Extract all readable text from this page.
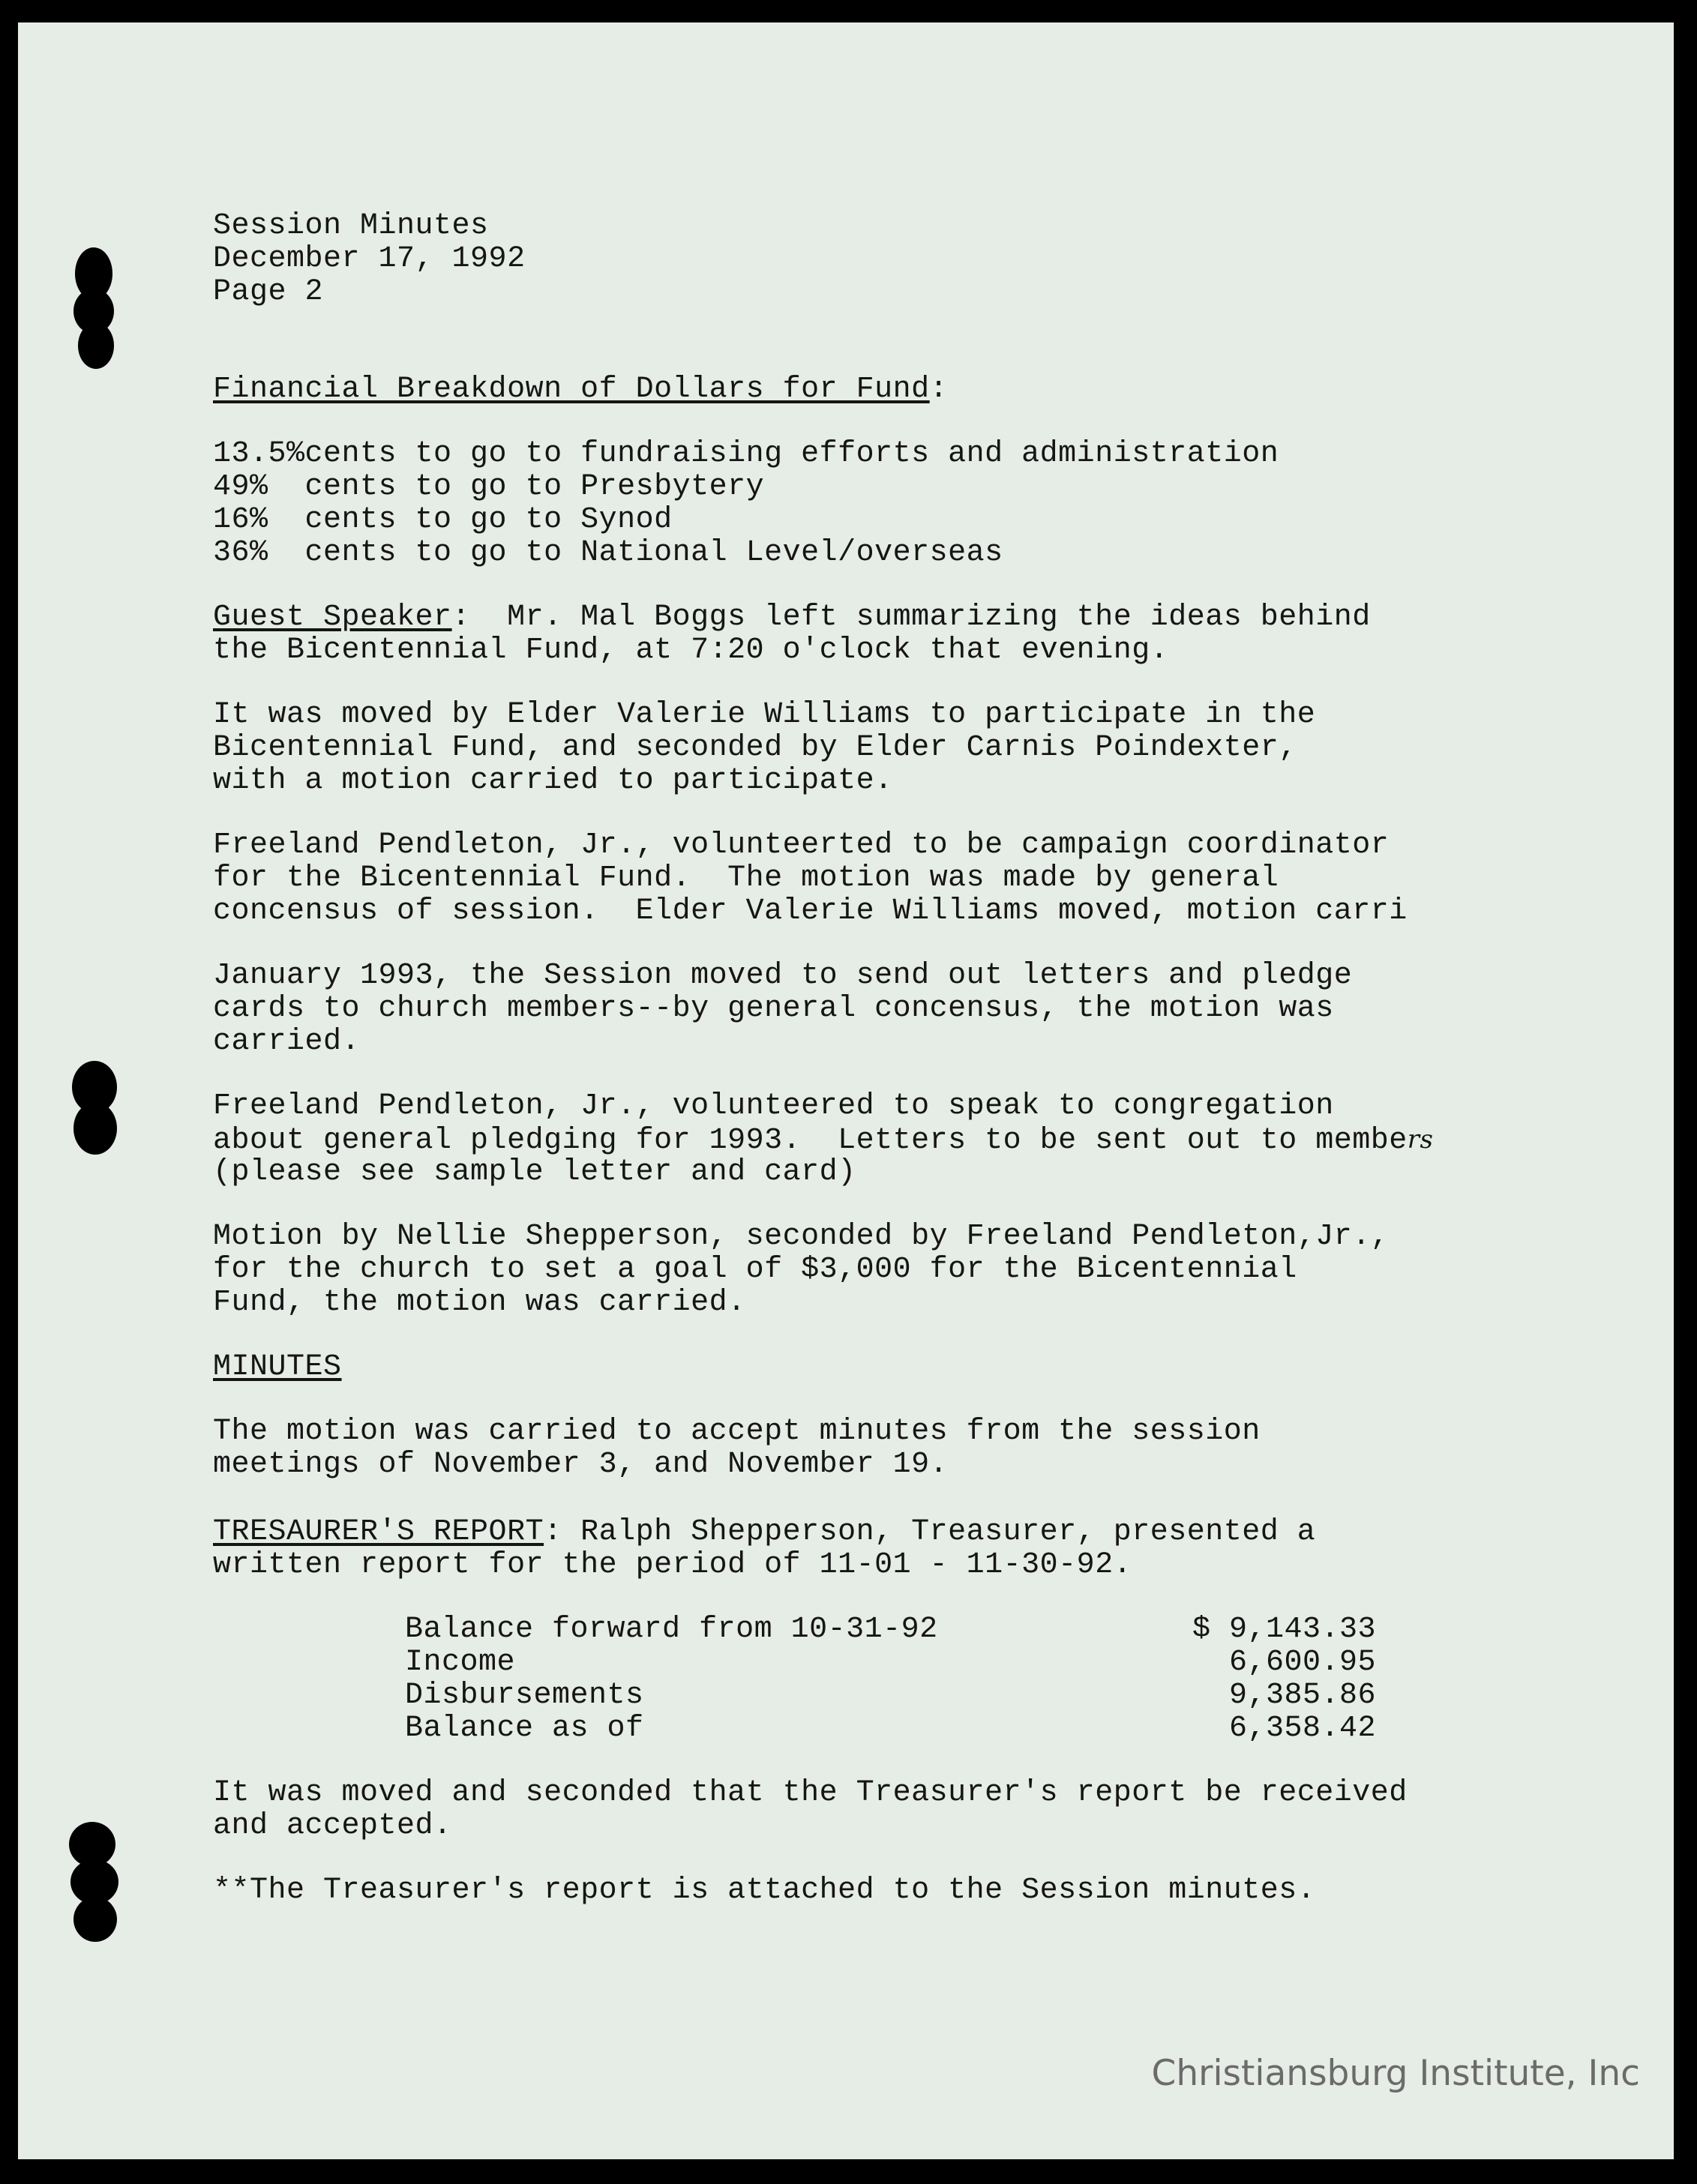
Session Minutes
December 17, 1992
Page 2
Financial Breakdown of Dollars for Fund:
13.5%cents to go to fundraising efforts and administration
49%  cents to go to Presbytery
16%  cents to go to Synod
36%  cents to go to National Level/overseas
Guest Speaker:  Mr. Mal Boggs left summarizing the ideas behind
the Bicentennial Fund, at 7:20 o'clock that evening.
It was moved by Elder Valerie Williams to participate in the
Bicentennial Fund, and seconded by Elder Carnis Poindexter,
with a motion carried to participate.
Freeland Pendleton, Jr., volunteerted to be campaign coordinator
for the Bicentennial Fund.  The motion was made by general
concensus of session.  Elder Valerie Williams moved, motion carri
January 1993, the Session moved to send out letters and pledge
cards to church members--by general concensus, the motion was
carried.
Freeland Pendleton, Jr., volunteered to speak to congregation
about general pledging for 1993.  Letters to be sent out to members
(please see sample letter and card)
Motion by Nellie Shepperson, seconded by Freeland Pendleton,Jr.,
for the church to set a goal of $3,000 for the Bicentennial
Fund, the motion was carried.
MINUTES
The motion was carried to accept minutes from the session
meetings of November 3, and November 19.
TRESAURER'S REPORT: Ralph Shepperson, Treasurer, presented a
written report for the period of 11-01 - 11-30-92.
Balance forward from 10-31-92	$ 9,143.33
Income	6,600.95
Disbursements	9,385.86
Balance as of	6,358.42
It was moved and seconded that the Treasurer's report be received
and accepted.
**The Treasurer's report is attached to the Session minutes.
Christiansburg Institute, Inc
